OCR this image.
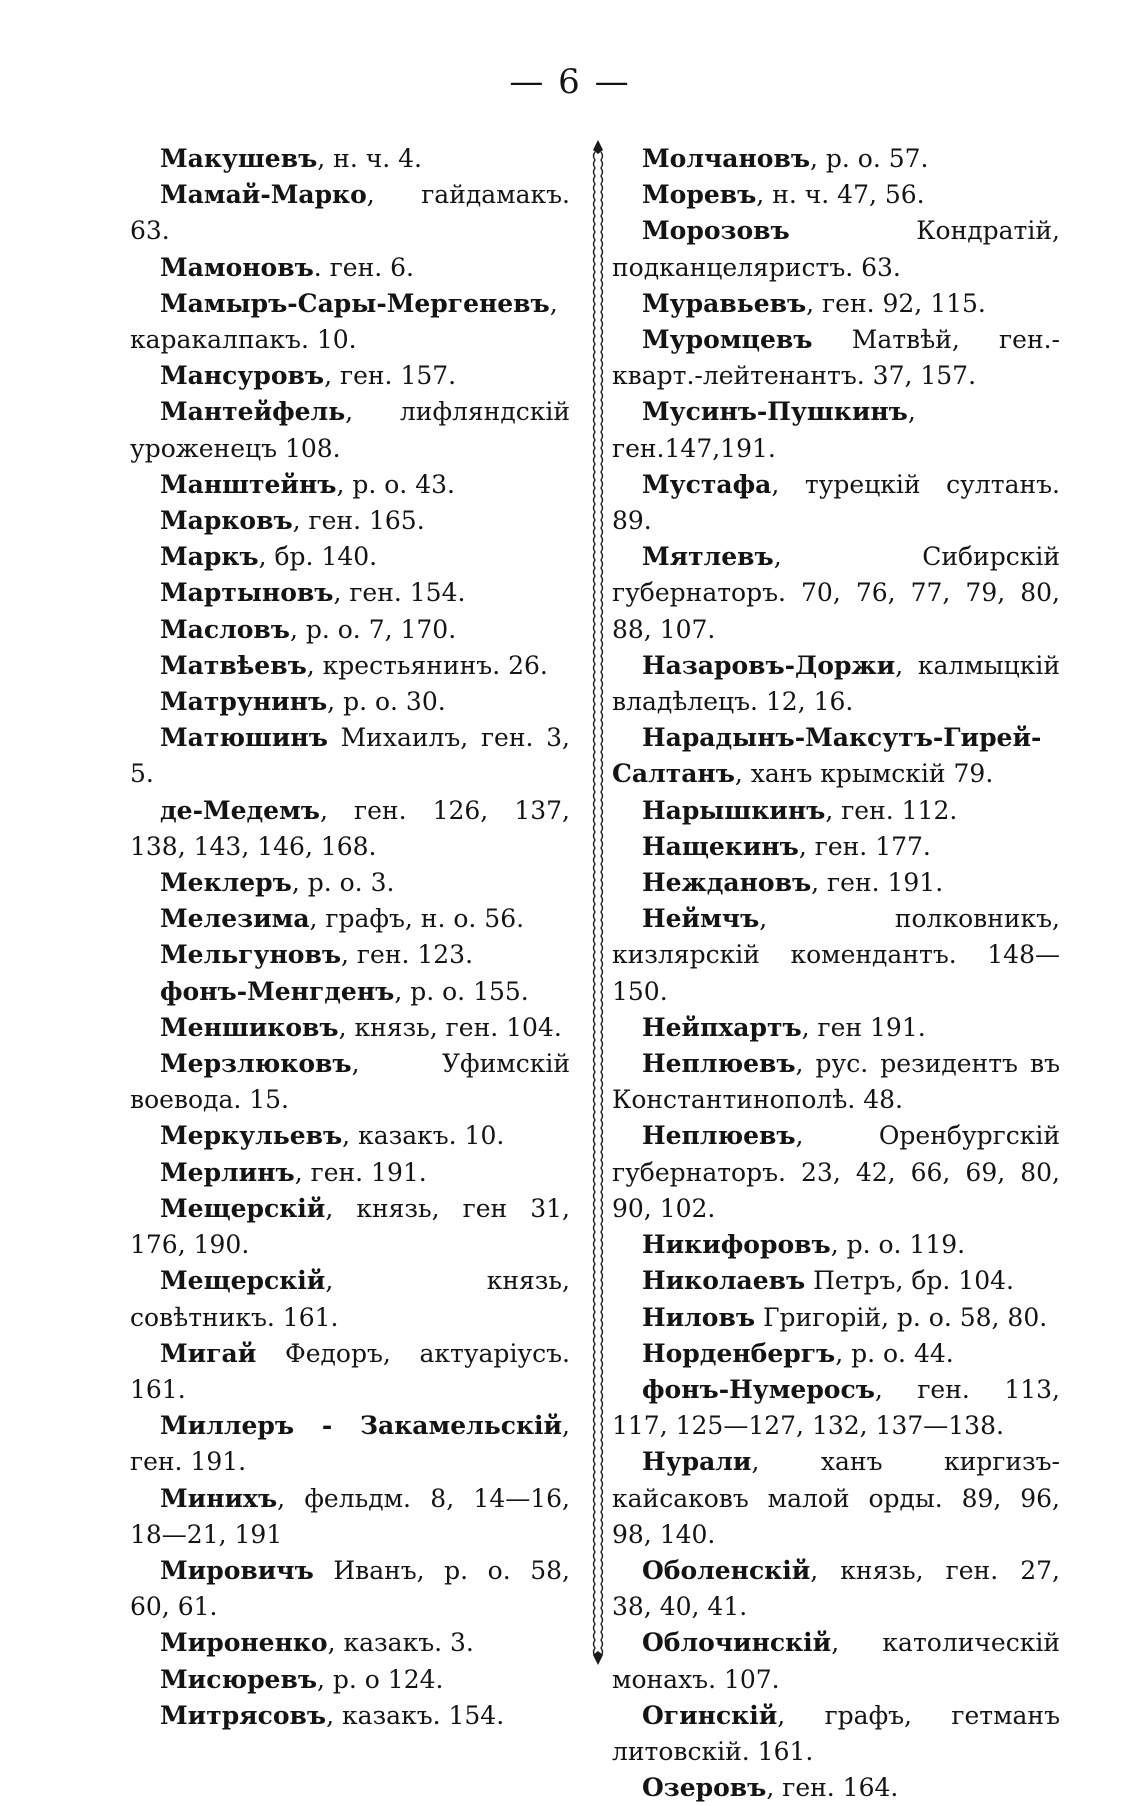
— 6 —
Макушевъ, н. ч. 4.
Мамай-Марко, гайдамакъ. 63.
Мамоновъ. ген. 6.
Мамыръ-Сары-Мергеневъ, каракалпакъ. 10.
Мансуровъ, ген. 157.
Мантейфель, лифляндскій уроженецъ 108.
Манштейнъ, р. о. 43.
Марковъ, ген. 165.
Маркъ, бр. 140.
Мартыновъ, ген. 154.
Масловъ, р. о. 7, 170.
Матвѣевъ, крестьянинъ. 26.
Матрунинъ, р. о. 30.
Матюшинъ Михаилъ, ген. 3, 5.
де-Медемъ, ген. 126, 137, 138, 143, 146, 168.
Меклеръ, р. о. 3.
Мелезима, графъ, н. о. 56.
Мельгуновъ, ген. 123.
фонъ-Менгденъ, р. о. 155.
Меншиковъ, князь, ген. 104.
Мерзлюковъ, Уфимскій воевода. 15.
Меркульевъ, казакъ. 10.
Мерлинъ, ген. 191.
Мещерскій, князь, ген 31, 176, 190.
Мещерскій, князь, совѣтникъ. 161.
Мигай Федоръ, актуаріусъ. 161.
Миллеръ - Закамельскій, ген. 191.
Минихъ, фельдм. 8, 14—16, 18—21, 191
Мировичъ Иванъ, р. о. 58, 60, 61.
Мироненко, казакъ. 3.
Мисюревъ, р. о 124.
Митрясовъ, казакъ. 154.
Молчановъ, р. о. 57.
Моревъ, н. ч. 47, 56.
Морозовъ Кондратій, подканцеляристъ. 63.
Муравьевъ, ген. 92, 115.
Муромцевъ Матвѣй, ген.-кварт.-лейтенантъ. 37, 157.
Мусинъ-Пушкинъ, ген.147,191.
Мустафа, турецкій султанъ. 89.
Мятлевъ, Сибирскій губернаторъ. 70, 76, 77, 79, 80, 88, 107.
Назаровъ-Доржи, калмыцкій владѣлецъ. 12, 16.
Нарадынъ-Максутъ-Гирей-Салтанъ, ханъ крымскій 79.
Нарышкинъ, ген. 112.
Нащекинъ, ген. 177.
Неждановъ, ген. 191.
Неймчъ, полковникъ, кизлярскій комендантъ. 148—150.
Нейпхартъ, ген 191.
Неплюевъ, рус. резидентъ въ Константинополѣ. 48.
Неплюевъ, Оренбургскій губернаторъ. 23, 42, 66, 69, 80, 90, 102.
Никифоровъ, р. о. 119.
Николаевъ Петръ, бр. 104.
Ниловъ Григорій, р. о. 58, 80.
Норденбергъ, р. о. 44.
фонъ-Нумеросъ, ген. 113, 117, 125—127, 132, 137—138.
Нурали, ханъ киргизъ-кайсаковъ малой орды. 89, 96, 98, 140.
Оболенскій, князь, ген. 27, 38, 40, 41.
Облочинскій, католическій монахъ. 107.
Огинскій, графъ, гетманъ литовскій. 161.
Озеровъ, ген. 164.
